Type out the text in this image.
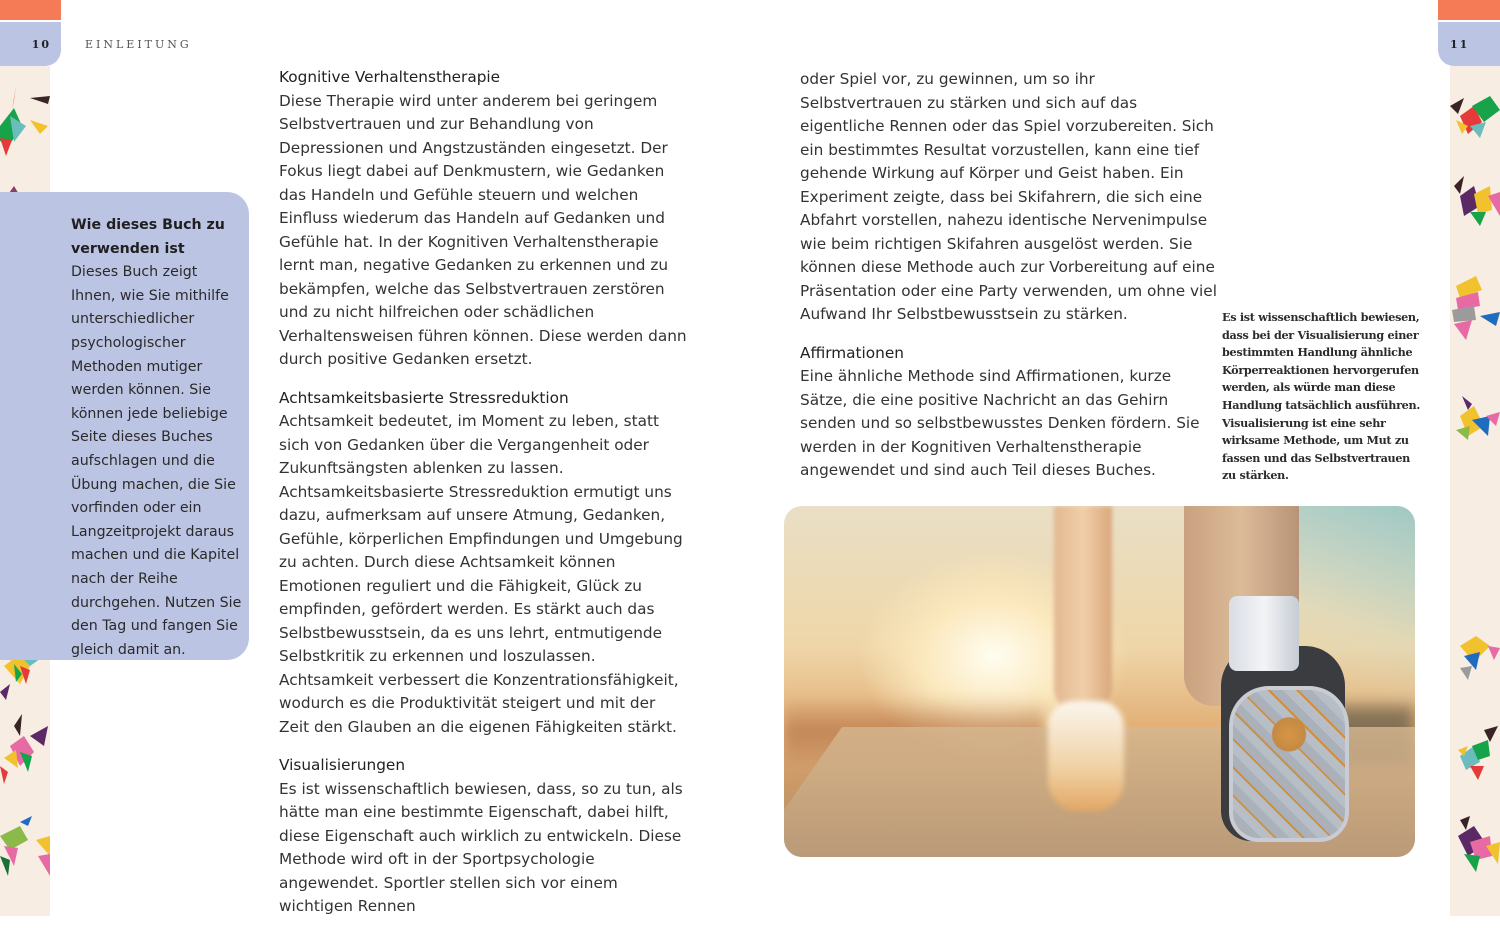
10	11
EINLEITUNG
Wie dieses Buch zu verwenden ist
Dieses Buch zeigt Ihnen, wie Sie mithilfe unterschiedlicher psychologischer Methoden mutiger werden können. Sie können jede beliebige Seite dieses Buches aufschlagen und die Übung machen, die Sie vorfinden oder ein Langzeitprojekt daraus machen und die Kapitel nach der Reihe durchgehen. Nutzen Sie den Tag und fangen Sie gleich damit an.
Kognitive Verhaltenstherapie

Diese Therapie wird unter anderem bei geringem Selbstvertrauen und zur Behandlung von Depressionen und Angstzuständen eingesetzt. Der Fokus liegt dabei auf Denkmustern, wie Gedanken das Handeln und Gefühle steuern und welchen Einfluss wiederum das Handeln auf Gedanken und Gefühle hat. In der Kognitiven Verhaltenstherapie lernt man, negative Gedanken zu erkennen und zu bekämpfen, welche das Selbstvertrauen zerstören und zu nicht hilfreichen oder schädlichen Verhaltensweisen führen können. Diese werden dann durch positive Gedanken ersetzt.

Achtsamkeitsbasierte Stressreduktion

Achtsamkeit bedeutet, im Moment zu leben, statt sich von Gedanken über die Vergangenheit oder Zukunftsängsten ablenken zu lassen. Achtsamkeitsbasierte Stressreduktion ermutigt uns dazu, aufmerksam auf unsere Atmung, Gedanken, Gefühle, körperlichen Empfindungen und Umgebung zu achten. Durch diese Achtsamkeit können Emotionen reguliert und die Fähigkeit, Glück zu empfinden, gefördert werden. Es stärkt auch das Selbstbewusstsein, da es uns lehrt, entmutigende Selbstkritik zu erkennen und loszulassen. Achtsamkeit verbessert die Konzentrationsfähigkeit, wodurch es die Produktivität steigert und mit der Zeit den Glauben an die eigenen Fähigkeiten stärkt.

Visualisierungen

Es ist wissenschaftlich bewiesen, dass, so zu tun, als hätte man eine bestimmte Eigenschaft, dabei hilft, diese Eigenschaft auch wirklich zu entwickeln. Diese Methode wird oft in der Sportpsychologie angewendet. Sportler stellen sich vor einem wichtigen Rennen

oder Spiel vor, zu gewinnen, um so ihr Selbstvertrauen zu stärken und sich auf das eigentliche Rennen oder das Spiel vorzubereiten. Sich ein bestimmtes Resultat vorzustellen, kann eine tief gehende Wirkung auf Körper und Geist haben. Ein Experiment zeigte, dass bei Skifahrern, die sich eine Abfahrt vorstellen, nahezu identische Nervenimpulse wie beim richtigen Skifahren ausgelöst werden. Sie können diese Methode auch zur Vorbereitung auf eine Präsentation oder eine Party verwenden, um ohne viel Aufwand Ihr Selbstbewusstsein zu stärken.

Affirmationen

Eine ähnliche Methode sind Affirmationen, kurze Sätze, die eine positive Nachricht an das Gehirn senden und so selbstbewusstes Denken fördern. Sie werden in der Kognitiven Verhaltenstherapie angewendet und sind auch Teil dieses Buches.

Es ist wissenschaftlich bewiesen, dass bei der Visualisierung einer bestimmten Handlung ähnliche Körperreaktionen hervorgerufen werden, als würde man diese Handlung tatsächlich ausführen. Visualisierung ist eine sehr wirksame Methode, um Mut zu fassen und das Selbstvertrauen zu stärken.
